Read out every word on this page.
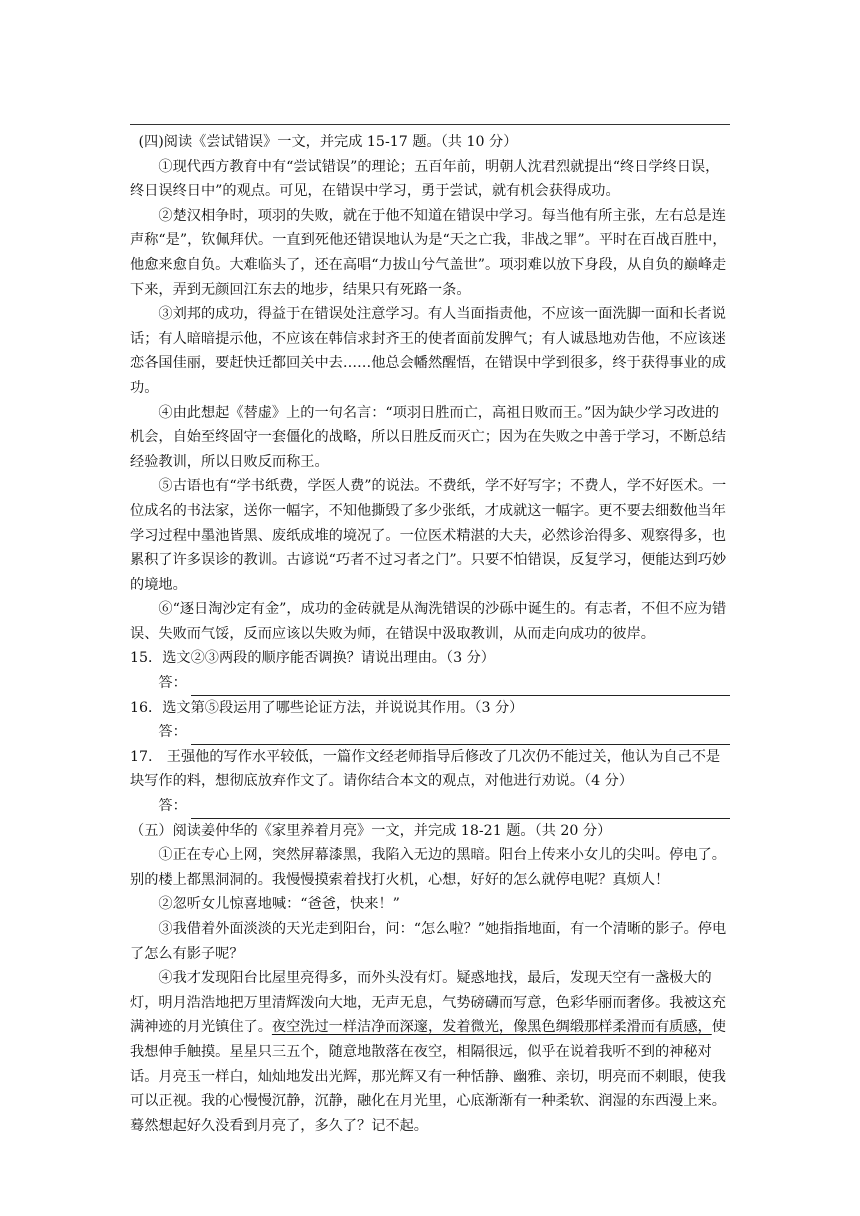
(四)阅读《尝试错误》一文，并完成 15-17 题。（共 10 分）

①现代西方教育中有“尝试错误”的理论；五百年前，明朝人沈君烈就提出“终日学终日误，终日误终日中”的观点。可见，在错误中学习，勇于尝试，就有机会获得成功。

②楚汉相争时，项羽的失败，就在于他不知道在错误中学习。每当他有所主张，左右总是连声称“是”，钦佩拜伏。一直到死他还错误地认为是“天之亡我，非战之罪”。平时在百战百胜中，他愈来愈自负。大难临头了，还在高唱“力拔山兮气盖世”。项羽难以放下身段，从自负的巅峰走下来，弄到无颜回江东去的地步，结果只有死路一条。

③刘邦的成功，得益于在错误处注意学习。有人当面指责他，不应该一面洗脚一面和长者说话；有人暗暗提示他，不应该在韩信求封齐王的使者面前发脾气；有人诚恳地劝告他，不应该迷恋各国佳丽，要赶快迁都回关中去……他总会幡然醒悟，在错误中学到很多，终于获得事业的成功。

④由此想起《替虚》上的一句名言：“项羽日胜而亡，高祖日败而王。”因为缺少学习改进的机会，自始至终固守一套僵化的战略，所以日胜反而灭亡；因为在失败之中善于学习，不断总结经验教训，所以日败反而称王。

⑤古语也有“学书纸费，学医人费”的说法。不费纸，学不好写字；不费人，学不好医术。一位成名的书法家，送你一幅字，不知他撕毁了多少张纸，才成就这一幅字。更不要去细数他当年学习过程中墨池皆黑、废纸成堆的境况了。一位医术精湛的大夫，必然诊治得多、观察得多，也累积了许多误诊的教训。古谚说“巧者不过习者之门”。只要不怕错误，反复学习，便能达到巧妙的境地。

⑥“逐日淘沙定有金”，成功的金砖就是从淘洗错误的沙砾中诞生的。有志者，不但不应为错误、失败而气馁，反而应该以失败为师，在错误中汲取教训，从而走向成功的彼岸。

15．选文②③两段的顺序能否调换？请说出理由。（3 分）

答：

16．选文第⑤段运用了哪些论证方法，并说说其作用。（3 分）

答：

17.　王强他的写作水平较低，一篇作文经老师指导后修改了几次仍不能过关，他认为自己不是块写作的料，想彻底放弃作文了。请你结合本文的观点，对他进行劝说。（4 分）

答：

（五）阅读姜仲华的《家里养着月亮》一文，并完成 18-21 题。（共 20 分）

①正在专心上网，突然屏幕漆黑，我陷入无边的黑暗。阳台上传来小女儿的尖叫。停电了。别的楼上都黑洞洞的。我慢慢摸索着找打火机，心想，好好的怎么就停电呢？真烦人！

②忽听女儿惊喜地喊：“爸爸，快来！”

③我借着外面淡淡的天光走到阳台，问：“怎么啦？”她指指地面，有一个清晰的影子。停电了怎么有影子呢？

④我才发现阳台比屋里亮得多，而外头没有灯。疑惑地找，最后，发现天空有一盏极大的灯，明月浩浩地把万里清辉泼向大地，无声无息，气势磅礴而写意，色彩华丽而奢侈。我被这充满神迹的月光镇住了。夜空洗过一样洁净而深邃，发着微光，像黑色绸缎那样柔滑而有质感，使我想伸手触摸。星星只三五个，随意地散落在夜空，相隔很远，似乎在说着我听不到的神秘对话。月亮玉一样白，灿灿地发出光辉，那光辉又有一种恬静、幽雅、亲切，明亮而不刺眼，使我可以正视。我的心慢慢沉静，沉静，融化在月光里，心底渐渐有一种柔软、润湿的东西漫上来。蓦然想起好久没看到月亮了，多久了？记不起。
